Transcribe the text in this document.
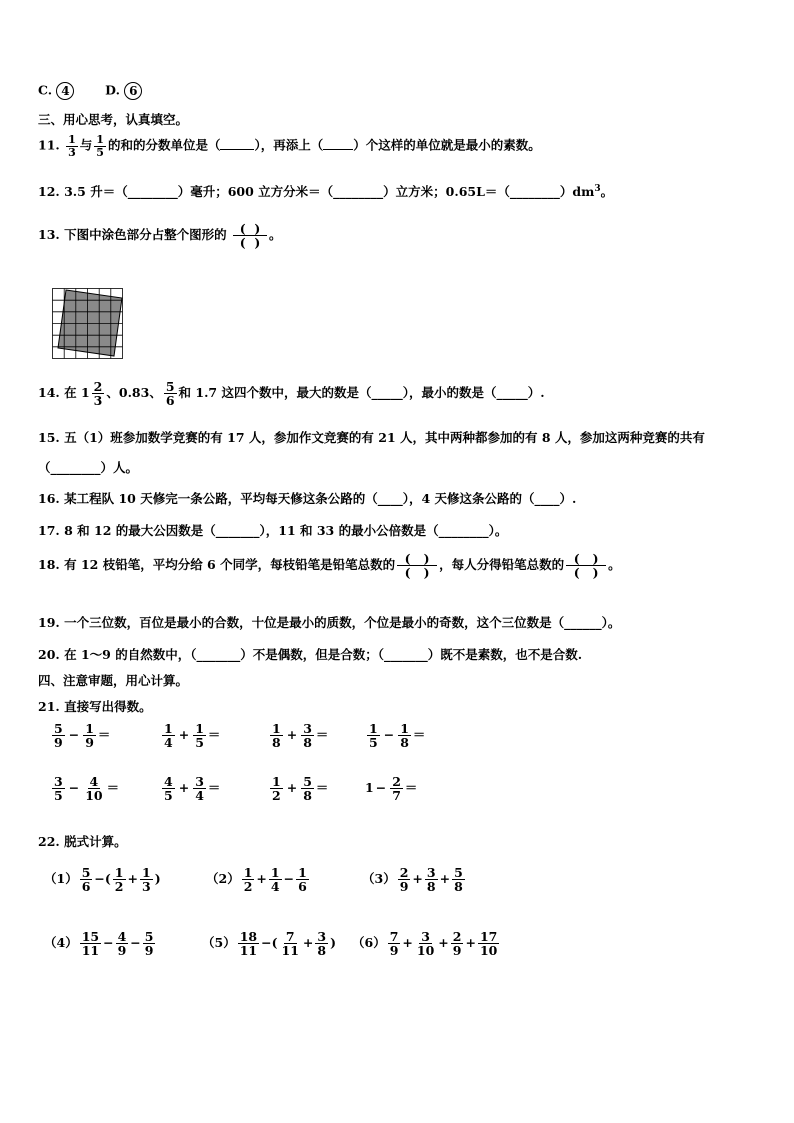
C. 4	D. 6
三、用心思考，认真填空。
11. $\frac{1}{3}$ 与 $\frac{1}{5}$ 的和的分数单位是（	），再添上（ ）个这样的单位就是最小的素数。
12. 3.5 升＝（________）毫升；600 立方分米＝（________）立方米；$0.65L=(\_\_\_\_\_\_\_\_)dm^3$。
13. 下图中涂色部分占整个图形的 $\frac{( )}{( )}$ 。
14. 在 $1 \frac{2}{3}$ 、0.83、 $\frac{5}{6}$ 和 1.7 这四个数中，最大的数是（_____），最小的数是（_____）.
15. 五（1）班参加数学竞赛的有 17 人，参加作文竞赛的有 21 人，其中两种都参加的有 8 人，参加这两种竞赛的共有
（________）人。
16. 某工程队 10 天修完一条公路，平均每天修这条公路的（____），4 天修这条公路的（____）.
17. 8 和 12 的最大公因数是（_______），11 和 33 的最小公倍数是（________）。
18. 有 12 枝铅笔，平均分给 6 个同学，每枝铅笔是铅笔总数的 $\frac{( )}{( )}$ ，每人分得铅笔总数的 $\frac{( )}{( )}$ 。
19. 一个三位数，百位是最小的合数，十位是最小的质数，个位是最小的奇数，这个三位数是（______）。
20. 在 1～9 的自然数中，（_______）不是偶数，但是合数；（_______）既不是素数，也不是合数.
四、注意审题，用心计算。
21. 直接写出得数。
$\frac{5}{9} - \frac{1}{9}$ ＝	$\frac{1}{4} + \frac{1}{5}$ ＝	$\frac{1}{8} + \frac{3}{8}$ ＝	$\frac{1}{5} - \frac{1}{8}$ ＝
$\frac{3}{5} - \frac{4}{10}$ ＝	$\frac{4}{5} + \frac{3}{4}$ ＝	$\frac{1}{2} + \frac{5}{8}$ ＝	$1 - \frac{2}{7}$ ＝
22. 脱式计算。
$(1) \frac{5}{6}$ −( $\frac{1}{2} + \frac{1}{3}$ )	$(2) \frac{1}{2} + \frac{1}{4} - \frac{1}{6}$	$(3) \frac{2}{9} + \frac{3}{8} + \frac{5}{8}$
$(4) \frac{15}{11} - \frac{4}{9} - \frac{5}{9}$	$(5) \frac{18}{11}$ −( $\frac{7}{11} + \frac{3}{8}$ ) $(6) \frac{7}{9} + \frac{3}{10} + \frac{2}{9} + \frac{17}{10}$
